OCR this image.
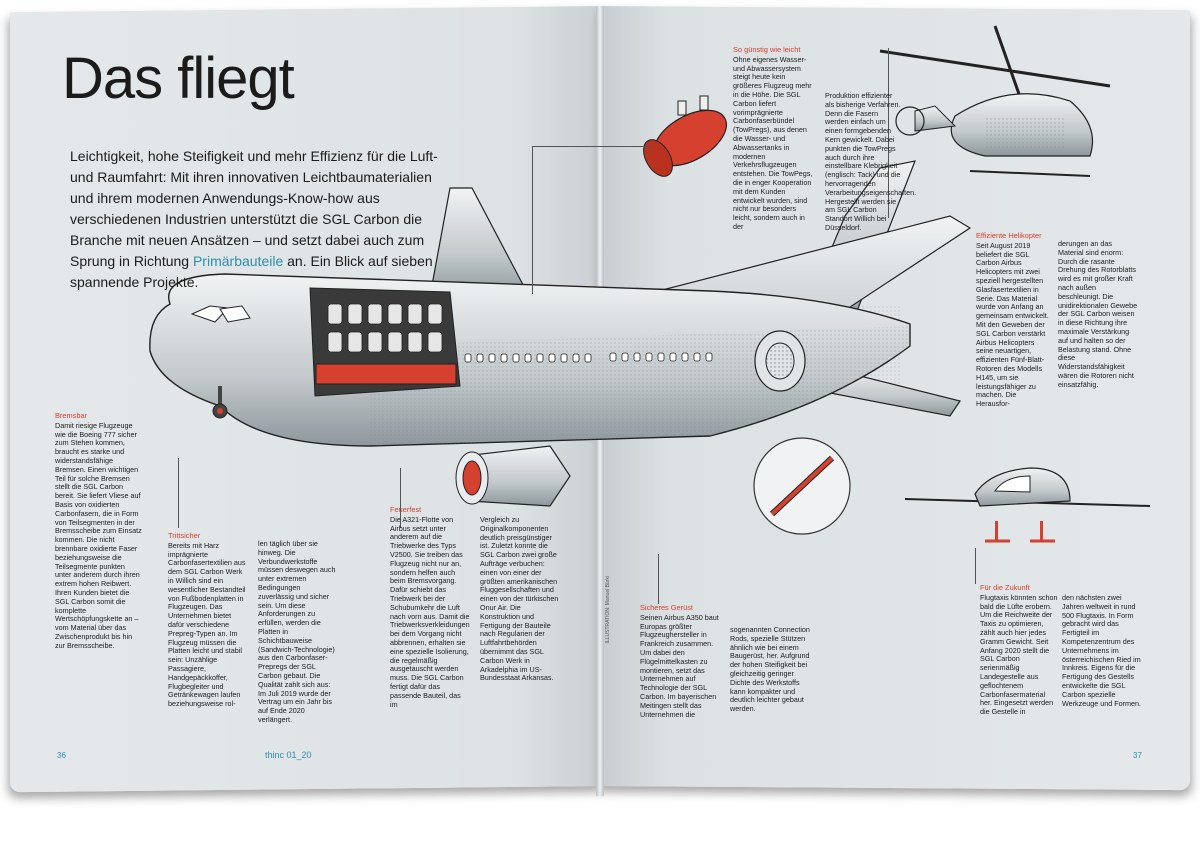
Das fliegt

Leichtigkeit, hohe Steifigkeit und mehr Effizienz für die Luft- und Raumfahrt: Mit ihren innovativen Leichtbaumaterialien und ihrem modernen Anwendungs-Know-how aus verschiedenen Industrien unterstützt die SGL Carbon die Branche mit neuen Ansätzen – und setzt dabei auch zum Sprung in Richtung Primärbauteile an. Ein Blick auf sieben spannende Projekte.

Bremsbar

Damit riesige Flugzeuge wie die Boeing 777 sicher zum Stehen kommen, braucht es starke und widerstandsfähige Bremsen. Einen wichtigen Teil für solche Bremsen stellt die SGL Carbon bereit. Sie liefert Vliese auf Basis von oxidierten Carbonfasern, die in Form von Teilsegmenten in der Bremsscheibe zum Einsatz kommen. Die nicht brennbare oxidierte Faser beziehungsweise die Teilsegmente punkten unter anderem durch ihren extrem hohen Reibwert. Ihren Kunden bietet die SGL Carbon somit die komplette Wertschöpfungskette an – vom Material über das Zwischenprodukt bis hin zur Bremsscheibe.

Trittsicher

Bereits mit Harz imprägnierte Carbonfasertextilien aus dem SGL Carbon Werk in Willich sind ein wesentlicher Bestandteil von Fußbodenplatten in Flugzeugen. Das Unternehmen bietet dafür verschiedene Prepreg-Typen an. Im Flugzeug müssen die Platten leicht und stabil sein: Unzählige Passagiere, Handgepäckkoffer, Flugbegleiter und Getränkewagen laufen beziehungsweise rol-

len täglich über sie hinweg. Die Verbundwerkstoffe müssen deswegen auch unter extremen Bedingungen zuverlässig und sicher sein. Um diese Anforderungen zu erfüllen, werden die Platten in Schichtbauweise (Sandwich-Technologie) aus den Carbonfaser-Prepregs der SGL Carbon gebaut. Die Qualität zahlt sich aus: Im Juli 2019 wurde der Vertrag um ein Jahr bis auf Ende 2020 verlängert.

Feuerfest

Die A321-Flotte von Airbus setzt unter anderem auf die Triebwerke des Typs V2500. Sie treiben das Flugzeug nicht nur an, sondern helfen auch beim Bremsvorgang. Dafür schiebt das Triebwerk bei der Schubumkehr die Luft nach vorn aus. Damit die Triebwerksverkleidungen bei dem Vorgang nicht abbrennen, erhalten sie eine spezielle Isolierung, die regelmäßig ausgetauscht werden muss. Die SGL Carbon fertigt dafür das passende Bauteil, das im

Vergleich zu Originalkomponenten deutlich preisgünstiger ist. Zuletzt konnte die SGL Carbon zwei große Aufträge verbuchen: einen von einer der größten amerikanischen Fluggesellschaften und einen von der türkischen Onur Air. Die Konstruktion und Fertigung der Bauteile nach Regularien der Luftfahrtbehörden übernimmt das SGL Carbon Werk in Arkadelphia im US-Bundesstaat Arkansas.

So günstig wie leicht

Ohne eigenes Wasser- und Abwassersystem steigt heute kein größeres Flugzeug mehr in die Höhe. Die SGL Carbon liefert vorimprägnierte Carbonfaserbündel (TowPregs), aus denen die Wasser- und Abwassertanks in modernen Verkehrsflugzeugen entstehen. Die TowPegs, die in enger Kooperation mit dem Kunden entwickelt wurden, sind nicht nur besonders leicht, sondern auch in der

Produktion effizienter als bisherige Verfahren. Denn die Fasern werden einfach um einen formgebenden Kern gewickelt. Dabei punkten die TowPregs auch durch ihre einstellbare Klebrigkeit (englisch: Tack) und die hervorragenden Verarbeitungseigenschaften. Hergestellt werden sie am SGL Carbon Standort Willich bei Düsseldorf.

Effiziente Helikopter

Seit August 2019 beliefert die SGL Carbon Airbus Helicopters mit zwei speziell hergestellten Glasfasertextilien in Serie. Das Material wurde von Anfang an gemeinsam entwickelt. Mit den Geweben der SGL Carbon verstärkt Airbus Helicopters seine neuartigen, effizienten Fünf-Blatt-Rotoren des Modells H145, um sie leistungsfähiger zu machen. Die Herausfor-

derungen an das Material sind enorm: Durch die rasante Drehung des Rotorblatts wird es mit großer Kraft nach außen beschleunigt. Die unidirektionalen Gewebe der SGL Carbon weisen in diese Richtung ihre maximale Verstärkung auf und halten so der Belastung stand. Ohne diese Widerstandsfähigkeit wären die Rotoren nicht einsatzfähig.

Sicheres Gerüst

Seinen Airbus A350 baut Europas größter Flugzeughersteller in Frankreich zusammen. Um dabei den Flügelmittelkasten zu montieren, setzt das Unternehmen auf Technologie der SGL Carbon. Im bayerischen Meitingen stellt das Unternehmen die

sogenannten Connection Rods, spezielle Stützen ähnlich wie bei einem Baugerüst, her. Aufgrund der hohen Steifigkeit bei gleichzeitig geringer Dichte des Werkstoffs kann kompakter und deutlich leichter gebaut werden.

Für die Zukunft

Flugtaxis könnten schon bald die Lüfte erobern. Um die Reichweite der Taxis zu optimieren, zählt auch hier jedes Gramm Gewicht. Seit Anfang 2020 stellt die SGL Carbon serienmäßig Landegestelle aus geflochtenem Carbonfasermaterial her. Eingesetzt werden die Gestelle in

den nächsten zwei Jahren weltweit in rund 500 Flugtaxis. In Form gebracht wird das Fertigteil im Kompetenzentrum des Unternehmens im österreichischen Ried im Innkreis. Eigens für die Fertigung des Gestells entwickelte die SGL Carbon spezielle Werkzeuge und Formen.

36	thinc 01_20	37
ILLUSTRATION: Manuel Bürki
